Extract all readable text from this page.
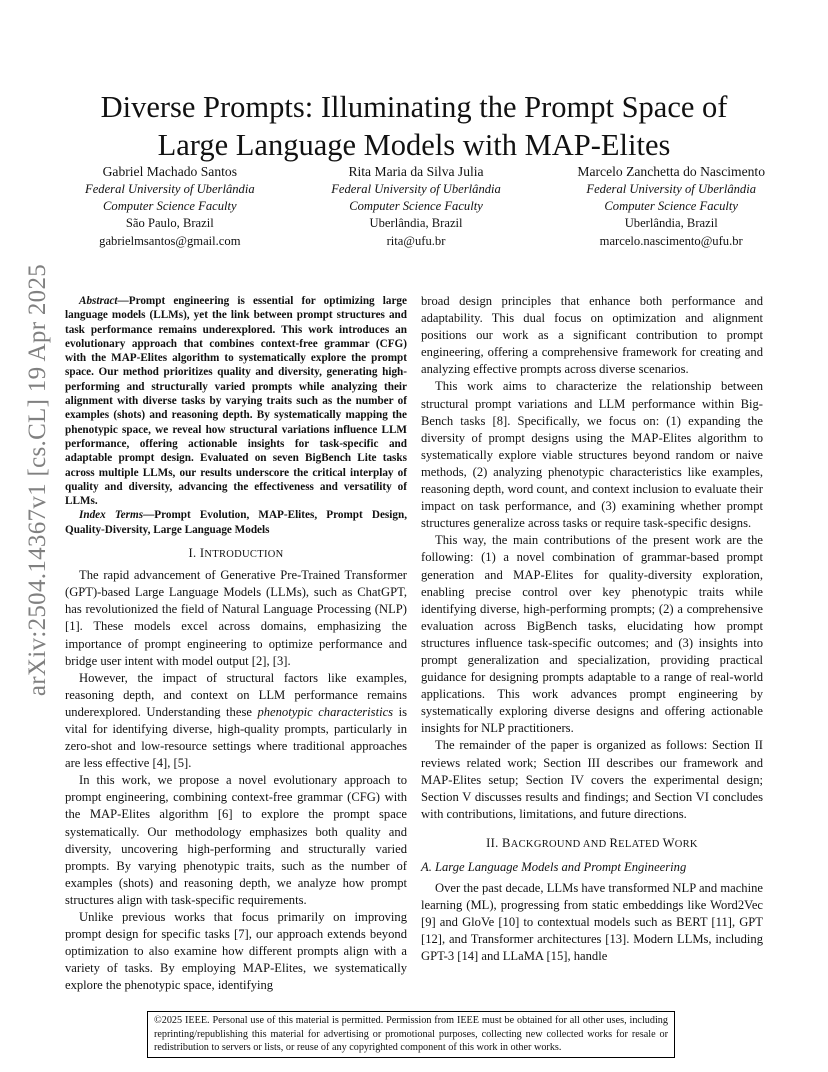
Diverse Prompts: Illuminating the Prompt Space of
Large Language Models with MAP-Elites
Gabriel Machado Santos
Federal University of Uberlândia
Computer Science Faculty
São Paulo, Brazil
gabrielmsantos@gmail.com
Rita Maria da Silva Julia
Federal University of Uberlândia
Computer Science Faculty
Uberlândia, Brazil
rita@ufu.br
Marcelo Zanchetta do Nascimento
Federal University of Uberlândia
Computer Science Faculty
Uberlândia, Brazil
marcelo.nascimento@ufu.br
arXiv:2504.14367v1 [cs.CL] 19 Apr 2025	Abstract—Prompt engineering is essential for optimizing large language models (LLMs), yet the link between prompt structures and task performance remains underexplored. This work introduces an evolutionary approach that combines context-free grammar (CFG) with the MAP-Elites algorithm to systematically explore the prompt space. Our method prioritizes quality and diversity, generating high-performing and structurally varied prompts while analyzing their alignment with diverse tasks by varying traits such as the number of examples (shots) and reasoning depth. By systematically mapping the phenotypic space, we reveal how structural variations influence LLM performance, offering actionable insights for task-specific and adaptable prompt design. Evaluated on seven BigBench Lite tasks across multiple LLMs, our results underscore the critical interplay of quality and diversity, advancing the effectiveness and versatility of LLMs.

Index Terms—Prompt Evolution, MAP-Elites, Prompt Design, Quality-Diversity, Large Language Models

I. INTRODUCTION

The rapid advancement of Generative Pre-Trained Transformer (GPT)-based Large Language Models (LLMs), such as ChatGPT, has revolutionized the field of Natural Language Processing (NLP) [1]. These models excel across domains, emphasizing the importance of prompt engineering to optimize performance and bridge user intent with model output [2], [3].

However, the impact of structural factors like examples, reasoning depth, and context on LLM performance remains underexplored. Understanding these phenotypic characteristics is vital for identifying diverse, high-quality prompts, particularly in zero-shot and low-resource settings where traditional approaches are less effective [4], [5].

In this work, we propose a novel evolutionary approach to prompt engineering, combining context-free grammar (CFG) with the MAP-Elites algorithm [6] to explore the prompt space systematically. Our methodology emphasizes both quality and diversity, uncovering high-performing and structurally varied prompts. By varying phenotypic traits, such as the number of examples (shots) and reasoning depth, we analyze how prompt structures align with task-specific requirements.

Unlike previous works that focus primarily on improving prompt design for specific tasks [7], our approach extends beyond optimization to also examine how different prompts align with a variety of tasks. By employing MAP-Elites, we systematically explore the phenotypic space, identifying

broad design principles that enhance both performance and adaptability. This dual focus on optimization and alignment positions our work as a significant contribution to prompt engineering, offering a comprehensive framework for creating and analyzing effective prompts across diverse scenarios.

This work aims to characterize the relationship between structural prompt variations and LLM performance within Big-Bench tasks [8]. Specifically, we focus on: (1) expanding the diversity of prompt designs using the MAP-Elites algorithm to systematically explore viable structures beyond random or naive methods, (2) analyzing phenotypic characteristics like examples, reasoning depth, word count, and context inclusion to evaluate their impact on task performance, and (3) examining whether prompt structures generalize across tasks or require task-specific designs.

This way, the main contributions of the present work are the following: (1) a novel combination of grammar-based prompt generation and MAP-Elites for quality-diversity exploration, enabling precise control over key phenotypic traits while identifying diverse, high-performing prompts; (2) a comprehensive evaluation across BigBench tasks, elucidating how prompt structures influence task-specific outcomes; and (3) insights into prompt generalization and specialization, providing practical guidance for designing prompts adaptable to a range of real-world applications. This work advances prompt engineering by systematically exploring diverse designs and offering actionable insights for NLP practitioners.

The remainder of the paper is organized as follows: Section II reviews related work; Section III describes our framework and MAP-Elites setup; Section IV covers the experimental design; Section V discusses results and findings; and Section VI concludes with contributions, limitations, and future directions.

II. BACKGROUND AND RELATED WORK
A. Large Language Models and Prompt Engineering

Over the past decade, LLMs have transformed NLP and machine learning (ML), progressing from static embeddings like Word2Vec [9] and GloVe [10] to contextual models such as BERT [11], GPT [12], and Transformer architectures [13]. Modern LLMs, including GPT-3 [14] and LLaMA [15], handle

©2025 IEEE. Personal use of this material is permitted. Permission from IEEE must be obtained for all other uses, including reprinting/republishing this material for advertising or promotional purposes, collecting new collected works for resale or redistribution to servers or lists, or reuse of any copyrighted component of this work in other works.
